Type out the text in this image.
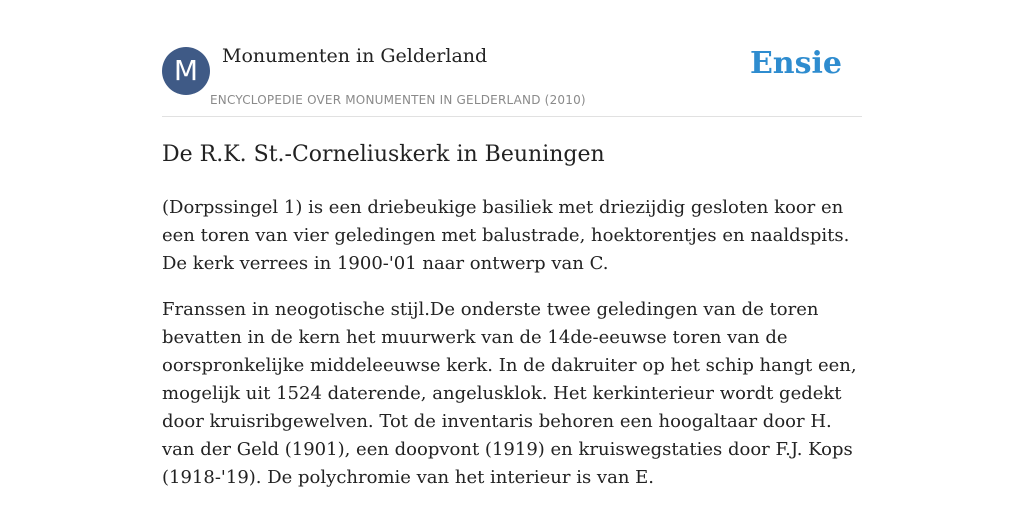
M	Monumenten in Gelderland
ENCYCLOPEDIE OVER MONUMENTEN IN GELDERLAND (2010)
Ensie
De R.K. St.-Corneliuskerk in Beuningen

(Dorpssingel 1) is een driebeukige basiliek met driezijdig gesloten koor en een toren van vier geledingen met balustrade, hoektorentjes en naaldspits. De kerk verrees in 1900-'01 naar ontwerp van C.

Franssen in neogotische stijl.De onderste twee geledingen van de toren bevatten in de kern het muurwerk van de 14de-eeuwse toren van de oorspronkelijke middeleeuwse kerk. In de dakruiter op het schip hangt een, mogelijk uit 1524 daterende, angelusklok. Het kerkinterieur wordt gedekt door kruisribgewelven. Tot de inventaris behoren een hoogaltaar door H. van der Geld (1901), een doopvont (1919) en kruiswegstaties door F.J. Kops (1918-'19). De polychromie van het interieur is van E.
